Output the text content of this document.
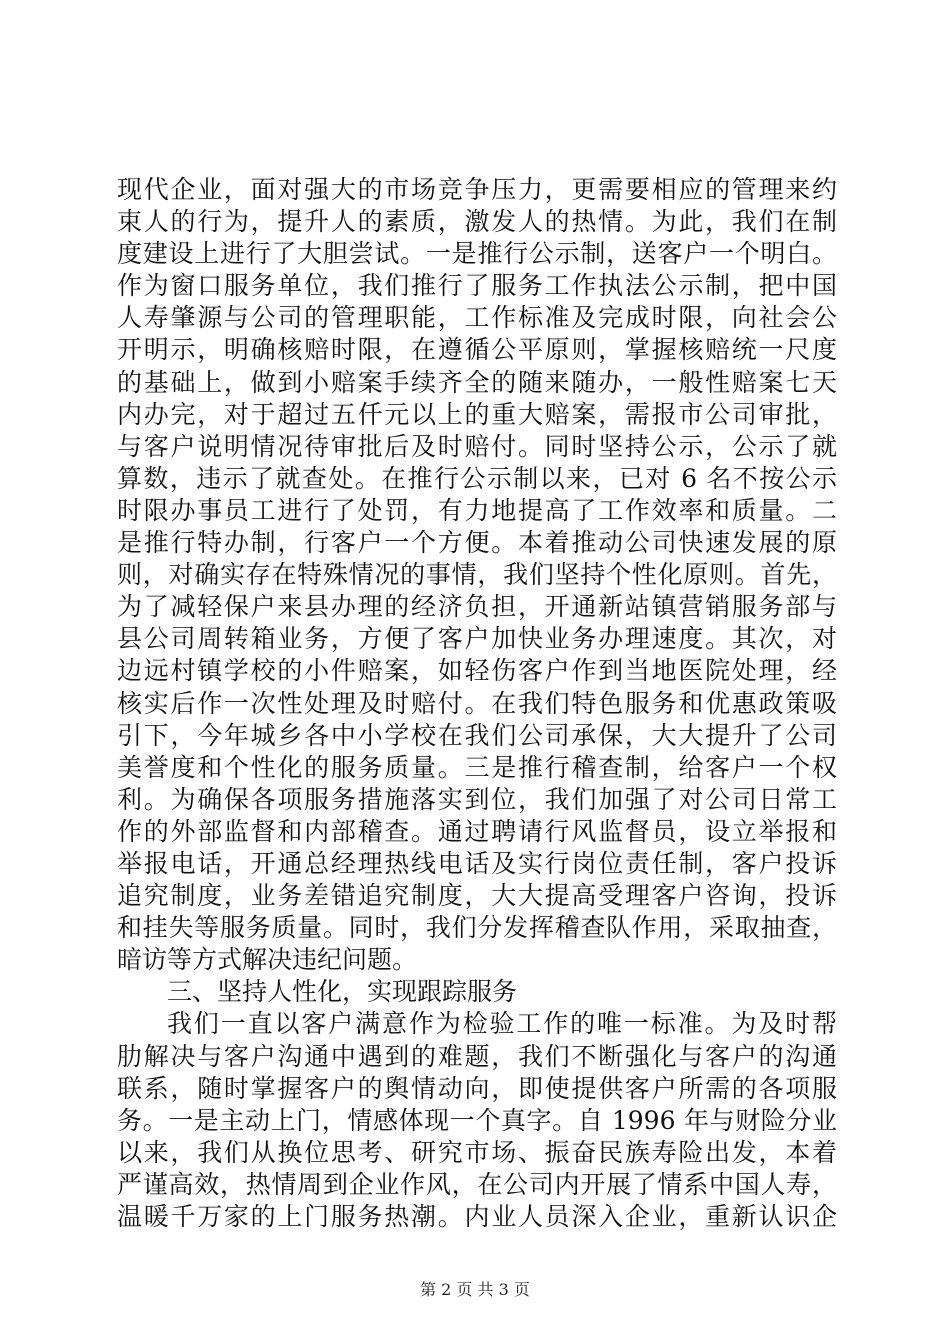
现代企业，面对强大的市场竞争压力，更需要相应的管理来约
束人的行为，提升人的素质，激发人的热情。为此，我们在制
度建设上进行了大胆尝试。一是推行公示制，送客户一个明白。
作为窗口服务单位，我们推行了服务工作执法公示制，把中国
人寿肇源与公司的管理职能，工作标准及完成时限，向社会公
开明示，明确核赔时限，在遵循公平原则，掌握核赔统一尺度
的基础上，做到小赔案手续齐全的随来随办，一般性赔案七天
内办完，对于超过五仟元以上的重大赔案，需报市公司审批，
与客户说明情况待审批后及时赔付。同时坚持公示，公示了就
算数，违示了就查处。在推行公示制以来，已对 6 名不按公示
时限办事员工进行了处罚，有力地提高了工作效率和质量。二
是推行特办制，行客户一个方便。本着推动公司快速发展的原
则，对确实存在特殊情况的事情，我们坚持个性化原则。首先，
为了减轻保户来县办理的经济负担，开通新站镇营销服务部与
县公司周转箱业务，方便了客户加快业务办理速度。其次，对
边远村镇学校的小件赔案，如轻伤客户作到当地医院处理，经
核实后作一次性处理及时赔付。在我们特色服务和优惠政策吸
引下，今年城乡各中小学校在我们公司承保，大大提升了公司
美誉度和个性化的服务质量。三是推行稽查制，给客户一个权
利。为确保各项服务措施落实到位，我们加强了对公司日常工
作的外部监督和内部稽查。通过聘请行风监督员，设立举报和
举报电话，开通总经理热线电话及实行岗位责任制，客户投诉
追究制度，业务差错追究制度，大大提高受理客户咨询，投诉
和挂失等服务质量。同时，我们分发挥稽查队作用，采取抽查，
暗访等方式解决违纪问题。
三、坚持人性化，实现跟踪服务
我们一直以客户满意作为检验工作的唯一标准。为及时帮
肋解决与客户沟通中遇到的难题，我们不断强化与客户的沟通
联系，随时掌握客户的舆情动向，即使提供客户所需的各项服
务。一是主动上门，情感体现一个真字。自 1996 年与财险分业
以来，我们从换位思考、研究市场、振奋民族寿险出发，本着
严谨高效，热情周到企业作风，在公司内开展了情系中国人寿，
温暖千万家的上门服务热潮。内业人员深入企业，重新认识企
第 2 页 共 3 页
